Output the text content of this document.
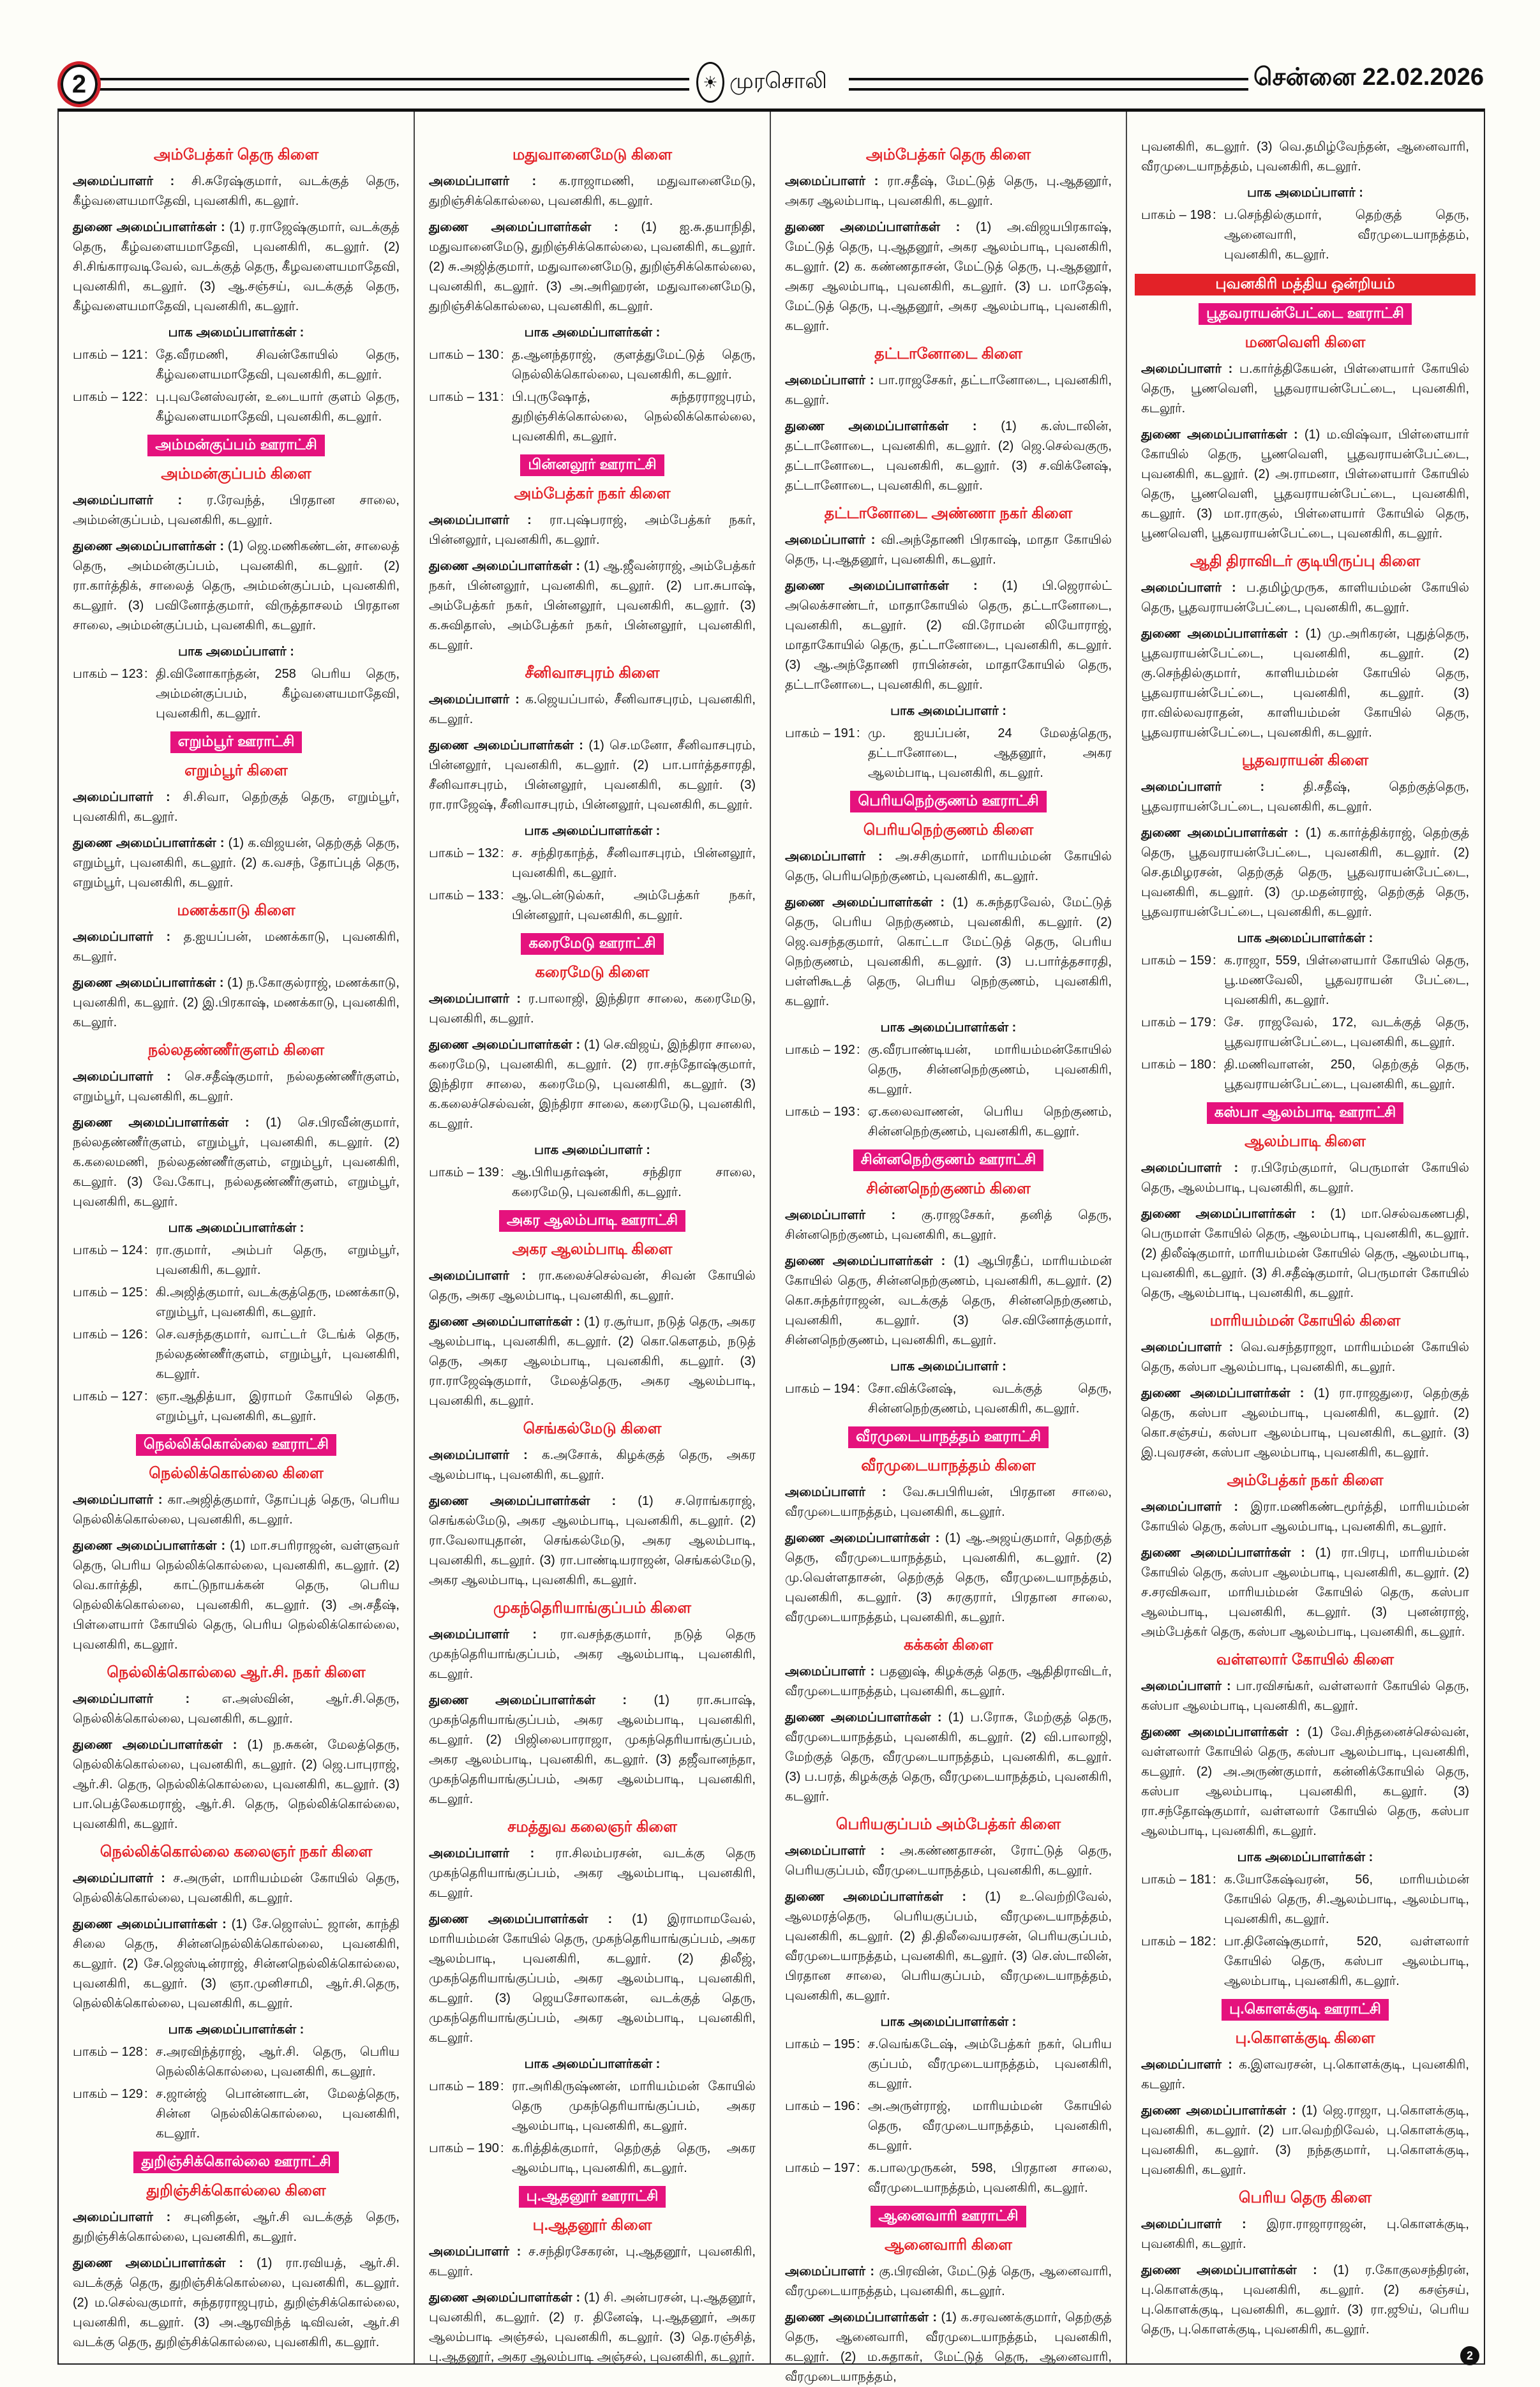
2	☀ முரசொலி	சென்னை 22.02.2026
அம்பேத்கர் தெரு கிளை
அமைப்பாளர் : சி.சுரேஷ்குமார், வடக்குத் தெரு, கீழ்வளையமாதேவி, புவனகிரி, கடலூர்.
துணை அமைப்பாளர்கள் : (1) ர.ராஜேஷ்குமார், வடக்குத் தெரு, கீழ்வளையமாதேவி, புவனகிரி, கடலூர். (2) சி.சிங்காரவடிவேல், வடக்குத் தெரு, கீழவளையமாதேவி, புவனகிரி, கடலூர். (3) ஆ.சஞ்சய், வடக்குத் தெரு, கீழ்வளையமாதேவி, புவனகிரி, கடலூர்.
பாக அமைப்பாளர்கள் :
பாகம் – 121 : தே.வீரமணி, சிவன்கோயில் தெரு, கீழ்வளையமாதேவி, புவனகிரி, கடலூர்.
பாகம் – 122 : பு.புவனேஸ்வரன், உடையார் குளம் தெரு, கீழ்வளையமாதேவி, புவனகிரி, கடலூர்.
அம்மன்குப்பம் ஊராட்சி
அம்மன்குப்பம் கிளை
அமைப்பாளர் : ர.ரேவந்த், பிரதான சாலை, அம்மன்குப்பம், புவனகிரி, கடலூர்.
துணை அமைப்பாளர்கள் : (1) ஜெ.மணிகண்டன், சாலைத் தெரு, அம்மன்குப்பம், புவனகிரி, கடலூர். (2) ரா.கார்த்திக், சாலைத் தெரு, அம்மன்குப்பம், புவனகிரி, கடலூர். (3) பவினோத்குமார், விருத்தாசலம் பிரதான சாலை, அம்மன்குப்பம், புவனகிரி, கடலூர்.
பாக அமைப்பாளர் :
பாகம் – 123 : தி.வினோகாந்தன், 258 பெரிய தெரு, அம்மன்குப்பம், கீழ்வளையமாதேவி, புவனகிரி, கடலூர்.
எறும்பூர் ஊராட்சி
எறும்பூர் கிளை
அமைப்பாளர் : சி.சிவா, தெற்குத் தெரு, எறும்பூர், புவனகிரி, கடலூர்.
துணை அமைப்பாளர்கள் : (1) க.விஜயன், தெற்குத் தெரு, எறும்பூர், புவனகிரி, கடலூர். (2) க.வசந், தோப்புத் தெரு, எறும்பூர், புவனகிரி, கடலூர்.
மணக்காடு கிளை
அமைப்பாளர் : த.ஐயப்பன், மணக்காடு, புவனகிரி, கடலூர்.
துணை அமைப்பாளர்கள் : (1) ந.கோகுல்ராஜ், மணக்காடு, புவனகிரி, கடலூர். (2) இ.பிரகாஷ், மணக்காடு, புவனகிரி, கடலூர்.
நல்லதண்ணீர்குளம் கிளை
அமைப்பாளர் : செ.சதீஷ்குமார், நல்லதண்ணீர்குளம், எறும்பூர், புவனகிரி, கடலூர்.
துணை அமைப்பாளர்கள் : (1) செ.பிரவீன்குமார், நல்லதண்ணீர்குளம், எறும்பூர், புவனகிரி, கடலூர். (2) க.கலைமணி, நல்லதண்ணீர்குளம், எறும்பூர், புவனகிரி, கடலூர். (3) வே.கோபு, நல்லதண்ணீர்குளம், எறும்பூர், புவனகிரி, கடலூர்.
பாக அமைப்பாளர்கள் :
பாகம் – 124 : ரா.குமார், அம்பர் தெரு, எறும்பூர், புவனகிரி, கடலூர்.
பாகம் – 125 : கி.அஜித்குமார், வடக்குத்தெரு, மணக்காடு, எறும்பூர், புவனகிரி, கடலூர்.
பாகம் – 126 : செ.வசந்தகுமார், வாட்டர் டேங்க் தெரு, நல்லதண்ணீர்குளம், எறும்பூர், புவனகிரி, கடலூர்.
பாகம் – 127 : ஞா.ஆதித்யா, இராமர் கோயில் தெரு, எறும்பூர், புவனகிரி, கடலூர்.
நெல்லிக்கொல்லை ஊராட்சி
நெல்லிக்கொல்லை கிளை
அமைப்பாளர் : கா.அஜித்குமார், தோப்புத் தெரு, பெரிய நெல்லிக்கொல்லை, புவனகிரி, கடலூர்.
துணை அமைப்பாளர்கள் : (1) மா.சபரிராஜன், வள்ளுவர் தெரு, பெரிய நெல்லிக்கொல்லை, புவனகிரி, கடலூர். (2) வெ.கார்த்தி, காட்டுநாயக்கன் தெரு, பெரிய நெல்லிக்கொல்லை, புவனகிரி, கடலூர். (3) அ.சதீஷ், பிள்ளையார் கோயில் தெரு, பெரிய நெல்லிக்கொல்லை, புவனகிரி, கடலூர்.
நெல்லிக்கொல்லை ஆர்.சி. நகர் கிளை
அமைப்பாளர் : எ.அஸ்வின், ஆர்.சி.தெரு, நெல்லிக்கொல்லை, புவனகிரி, கடலூர்.
துணை அமைப்பாளர்கள் : (1) ந.சுகன், மேலத்தெரு, நெல்லிக்கொல்லை, புவனகிரி, கடலூர். (2) ஜெ.பாபுராஜ், ஆர்.சி. தெரு, நெல்லிக்கொல்லை, புவனகிரி, கடலூர். (3) பா.பெத்லேகமராஜ், ஆர்.சி. தெரு, நெல்லிக்கொல்லை, புவனகிரி, கடலூர்.
நெல்லிக்கொல்லை கலைஞர் நகர் கிளை
அமைப்பாளர் : ச.அருள், மாரியம்மன் கோயில் தெரு, நெல்லிக்கொல்லை, புவனகிரி, கடலூர்.
துணை அமைப்பாளர்கள் : (1) சே.ஜொஸ்ட் ஜான், காந்தி சிலை தெரு, சின்னநெல்லிக்கொல்லை, புவனகிரி, கடலூர். (2) சே.ஜெஸ்டின்ராஜ், சின்னநெல்லிக்கொல்லை, புவனகிரி, கடலூர். (3) ஞா.முனிசாமி, ஆர்.சி.தெரு, நெல்லிக்கொல்லை, புவனகிரி, கடலூர்.
பாக அமைப்பாளர்கள் :
பாகம் – 128 : ச.அரவிந்த்ராஜ், ஆர்.சி. தெரு, பெரிய நெல்லிக்கொல்லை, புவனகிரி, கடலூர்.
பாகம் – 129 : ச.ஜான்ஜ் பொன்னாடன், மேலத்தெரு, சின்ன நெல்லிக்கொல்லை, புவனகிரி, கடலூர்.
துறிஞ்சிக்கொல்லை ஊராட்சி
துறிஞ்சிக்கொல்லை கிளை
அமைப்பாளர் : சபுனிதன், ஆர்.சி வடக்குத் தெரு, துறிஞ்சிக்கொல்லை, புவனகிரி, கடலூர்.
துணை அமைப்பாளர்கள் : (1) ரா.ரவியத், ஆர்.சி. வடக்குத் தெரு, துறிஞ்சிக்கொல்லை, புவனகிரி, கடலூர். (2) ம.செல்வகுமார், சுந்தரராஜபுரம், துறிஞ்சிக்கொல்லை, புவனகிரி, கடலூர். (3) அ.ஆரவிந்த் டிவிவன், ஆர்.சி வடக்கு தெரு, துறிஞ்சிக்கொல்லை, புவனகிரி, கடலூர்.
மதுவானைமேடு கிளை
அமைப்பாளர் : க.ராஜாமணி, மதுவானைமேடு, துறிஞ்சிக்கொல்லை, புவனகிரி, கடலூர்.
துணை அமைப்பாளர்கள் : (1) ஐ.சு.தயாநிதி, மதுவானைமேடு, துறிஞ்சிக்கொல்லை, புவனகிரி, கடலூர். (2) சு.அஜித்குமார், மதுவானைமேடு, துறிஞ்சிக்கொல்லை, புவனகிரி, கடலூர். (3) அ.அரிஹரன், மதுவானைமேடு, துறிஞ்சிக்கொல்லை, புவனகிரி, கடலூர்.
பாக அமைப்பாளர்கள் :
பாகம் – 130 : த.ஆனந்தராஜ், குளத்துமேட்டுத் தெரு, நெல்லிக்கொல்லை, புவனகிரி, கடலூர்.
பாகம் – 131 : பி.புருஷோத், சுந்தரராஜபுரம், துறிஞ்சிக்கொல்லை, நெல்லிக்கொல்லை, புவனகிரி, கடலூர்.
பின்னலூர் ஊராட்சி
அம்பேத்கர் நகர் கிளை
அமைப்பாளர் : ரா.புஷ்பராஜ், அம்பேத்கர் நகர், பின்னலூர், புவனகிரி, கடலூர்.
துணை அமைப்பாளர்கள் : (1) ஆ.ஜீவன்ராஜ், அம்பேத்கர் நகர், பின்னலூர், புவனகிரி, கடலூர். (2) பா.சுபாஷ், அம்பேத்கர் நகர், பின்னலூர், புவனகிரி, கடலூர். (3) க.சுவிதாஸ், அம்பேத்கர் நகர், பின்னலூர், புவனகிரி, கடலூர்.
சீனிவாசபுரம் கிளை
அமைப்பாளர் : க.ஜெயப்பால், சீனிவாசபுரம், புவனகிரி, கடலூர்.
துணை அமைப்பாளர்கள் : (1) செ.மனோ, சீனிவாசபுரம், பின்னலூர், புவனகிரி, கடலூர். (2) பா.பார்த்தசாரதி, சீனிவாசபுரம், பின்னலூர், புவனகிரி, கடலூர். (3) ரா.ராஜேஷ், சீனிவாசபுரம், பின்னலூர், புவனகிரி, கடலூர்.
பாக அமைப்பாளர்கள் :
பாகம் – 132 : ச. சந்திரகாந்த், சீனிவாசபுரம், பின்னலூர், புவனகிரி, கடலூர்.
பாகம் – 133 : ஆ.டென்டுல்கர், அம்பேத்கர் நகர், பின்னலூர், புவனகிரி, கடலூர்.
கரைமேடு ஊராட்சி
கரைமேடு கிளை
அமைப்பாளர் : ர.பாலாஜி, இந்திரா சாலை, கரைமேடு, புவனகிரி, கடலூர்.
துணை அமைப்பாளர்கள் : (1) செ.விஜய், இந்திரா சாலை, கரைமேடு, புவனகிரி, கடலூர். (2) ரா.சந்தோஷ்குமார், இந்திரா சாலை, கரைமேடு, புவனகிரி, கடலூர். (3) க.கலைச்செல்வன், இந்திரா சாலை, கரைமேடு, புவனகிரி, கடலூர்.
பாக அமைப்பாளர் :
பாகம் – 139 : ஆ.பிரியதர்ஷன், சந்திரா சாலை, கரைமேடு, புவனகிரி, கடலூர்.
அகர ஆலம்பாடி ஊராட்சி
அகர ஆலம்பாடி கிளை
அமைப்பாளர் : ரா.கலைச்செல்வன், சிவன் கோயில் தெரு, அகர ஆலம்பாடி, புவனகிரி, கடலூர்.
துணை அமைப்பாளர்கள் : (1) ர.சூர்யா, நடுத் தெரு, அகர ஆலம்பாடி, புவனகிரி, கடலூர். (2) கொ.கௌதம், நடுத் தெரு, அகர ஆலம்பாடி, புவனகிரி, கடலூர். (3) ரா.ராஜேஷ்குமார், மேலத்தெரு, அகர ஆலம்பாடி, புவனகிரி, கடலூர்.
செங்கல்மேடு கிளை
அமைப்பாளர் : க.அசோக், கிழக்குத் தெரு, அகர ஆலம்பாடி, புவனகிரி, கடலூர்.
துணை அமைப்பாளர்கள் : (1) ச.ரொங்கராஜ், செங்கல்மேடு, அகர ஆலம்பாடி, புவனகிரி, கடலூர். (2) ரா.வேலாயுதான், செங்கல்மேடு, அகர ஆலம்பாடி, புவனகிரி, கடலூர். (3) ரா.பாண்டியராஜன், செங்கல்மேடு, அகர ஆலம்பாடி, புவனகிரி, கடலூர்.
முகந்தெரியாங்குப்பம் கிளை
அமைப்பாளர் : ரா.வசந்தகுமார், நடுத் தெரு முகந்தெரியாங்குப்பம், அகர ஆலம்பாடி, புவனகிரி, கடலூர்.
துணை அமைப்பாளர்கள் : (1) ரா.சுபாஷ், முகந்தெரியாங்குப்பம், அகர ஆலம்பாடி, புவனகிரி, கடலூர். (2) பிஜிலைபாராஜா, முகந்தெரியாங்குப்பம், அகர ஆலம்பாடி, புவனகிரி, கடலூர். (3) தஜீவானந்தா, முகந்தெரியாங்குப்பம், அகர ஆலம்பாடி, புவனகிரி, கடலூர்.
சமத்துவ கலைஞர் கிளை
அமைப்பாளர் : ரா.சிலம்பரசன், வடக்கு தெரு முகந்தெரியாங்குப்பம், அகர ஆலம்பாடி, புவனகிரி, கடலூர்.
துணை அமைப்பாளர்கள் : (1) இராமாமவேல், மாரியம்மன் கோயில் தெரு, முகந்தெரியாங்குப்பம், அகர ஆலம்பாடி, புவனகிரி, கடலூர். (2) திலீஜ், முகந்தெரியாங்குப்பம், அகர ஆலம்பாடி, புவனகிரி, கடலூர். (3) ஜெயசோலாகன், வடக்குத் தெரு, முகந்தெரியாங்குப்பம், அகர ஆலம்பாடி, புவனகிரி, கடலூர்.
பாக அமைப்பாளர்கள் :
பாகம் – 189 : ரா.அரிகிருஷ்ணன், மாரியம்மன் கோயில் தெரு முகந்தெரியாங்குப்பம், அகர ஆலம்பாடி, புவனகிரி, கடலூர்.
பாகம் – 190 : க.ரித்திக்குமார், தெற்குத் தெரு, அகர ஆலம்பாடி, புவனகிரி, கடலூர்.
பு.ஆதனூர் ஊராட்சி
பு.ஆதனூர் கிளை
அமைப்பாளர் : ச.சந்திரசேகரன், பு.ஆதனூர், புவனகிரி, கடலூர்.
துணை அமைப்பாளர்கள் : (1) சி. அன்பரசன், பு.ஆதனூர், புவனகிரி, கடலூர். (2) ர. தினேஷ், பு.ஆதனூர், அகர ஆலம்பாடி அஞ்சல், புவனகிரி, கடலூர். (3) தெ.ரஞ்சித், பு.ஆதனூர், அகர ஆலம்பாடி அஞ்சல், புவனகிரி, கடலூர்.
அம்பேத்கர் தெரு கிளை
அமைப்பாளர் : ரா.சதீஷ், மேட்டுத் தெரு, பு.ஆதனூர், அகர ஆலம்பாடி, புவனகிரி, கடலூர்.
துணை அமைப்பாளர்கள் : (1) அ.விஜயபிரகாஷ், மேட்டுத் தெரு, பு.ஆதனூர், அகர ஆலம்பாடி, புவனகிரி, கடலூர். (2) க. கண்ணதாசன், மேட்டுத் தெரு, பு.ஆதனூர், அகர ஆலம்பாடி, புவனகிரி, கடலூர். (3) ப. மாதேஷ், மேட்டுத் தெரு, பு.ஆதனூர், அகர ஆலம்பாடி, புவனகிரி, கடலூர்.
தட்டானோடை கிளை
அமைப்பாளர் : பா.ராஜசேகர், தட்டானோடை, புவனகிரி, கடலூர்.
துணை அமைப்பாளர்கள் : (1) க.ஸ்டாலின், தட்டானோடை, புவனகிரி, கடலூர். (2) ஜெ.செல்வகுரு, தட்டானோடை, புவனகிரி, கடலூர். (3) ச.விக்னேஷ், தட்டானோடை, புவனகிரி, கடலூர்.
தட்டானோடை அண்ணா நகர் கிளை
அமைப்பாளர் : வி.அந்தோணி பிரகாஷ், மாதா கோயில் தெரு, பு.ஆதனூர், புவனகிரி, கடலூர்.
துணை அமைப்பாளர்கள் : (1) பி.ஜெரால்ட் அலெக்சாண்டர், மாதாகோயில் தெரு, தட்டானோடை, புவனகிரி, கடலூர். (2) வி.ரோமன் லியோராஜ், மாதாகோயில் தெரு, தட்டானோடை, புவனகிரி, கடலூர். (3) ஆ.அந்தோணி ராபின்சன், மாதாகோயில் தெரு, தட்டானோடை, புவனகிரி, கடலூர்.
பாக அமைப்பாளர் :
பாகம் – 191 : மு. ஐயப்பன், 24 மேலத்தெரு, தட்டானோடை, ஆதனூர், அகர ஆலம்பாடி, புவனகிரி, கடலூர்.
பெரியநெற்குணம் ஊராட்சி
பெரியநெற்குணம் கிளை
அமைப்பாளர் : அ.சசிகுமார், மாரியம்மன் கோயில் தெரு, பெரியநெற்குணம், புவனகிரி, கடலூர்.
துணை அமைப்பாளர்கள் : (1) க.சுந்தரவேல், மேட்டுத் தெரு, பெரிய நெற்குணம், புவனகிரி, கடலூர். (2) ஜெ.வசந்தகுமார், கொட்டா மேட்டுத் தெரு, பெரிய நெற்குணம், புவனகிரி, கடலூர். (3) ப.பார்த்தசாரதி, பள்ளிகூடத் தெரு, பெரிய நெற்குணம், புவனகிரி, கடலூர்.
பாக அமைப்பாளர்கள் :
பாகம் – 192 : கு.வீரபாண்டியன், மாரியம்மன்கோயில் தெரு, சின்னநெற்குணம், புவனகிரி, கடலூர்.
பாகம் – 193 : ஏ.கலைவாணன், பெரிய நெற்குணம், சின்னநெற்குணம், புவனகிரி, கடலூர்.
சின்னநெற்குணம் ஊராட்சி
சின்னநெற்குணம் கிளை
அமைப்பாளர் : கு.ராஜசேகர், தனித் தெரு, சின்னநெற்குணம், புவனகிரி, கடலூர்.
துணை அமைப்பாளர்கள் : (1) ஆபிரதீப், மாரியம்மன் கோயில் தெரு, சின்னநெற்குணம், புவனகிரி, கடலூர். (2) கொ.சுந்தர்ராஜன், வடக்குத் தெரு, சின்னநெற்குணம், புவனகிரி, கடலூர். (3) செ.வினோத்குமார், சின்னநெற்குணம், புவனகிரி, கடலூர்.
பாக அமைப்பாளர் :
பாகம் – 194 : சோ.விக்னேஷ், வடக்குத் தெரு, சின்னநெற்குணம், புவனகிரி, கடலூர்.
வீரமுடையாநத்தம் ஊராட்சி
வீரமுடையாநத்தம் கிளை
அமைப்பாளர் : வே.சுபபிரியன், பிரதான சாலை, வீரமுடையாநத்தம், புவனகிரி, கடலூர்.
துணை அமைப்பாளர்கள் : (1) ஆ.அஜய்குமார், தெற்குத் தெரு, வீரமுடையாநத்தம், புவனகிரி, கடலூர். (2) மு.வெள்ளதாசன், தெற்குத் தெரு, வீரமுடையாநத்தம், புவனகிரி, கடலூர். (3) சுரகுரார், பிரதான சாலை, வீரமுடையாநத்தம், புவனகிரி, கடலூர்.
கக்கன் கிளை
அமைப்பாளர் : பதனுஷ், கிழக்குத் தெரு, ஆதிதிராவிடர், வீரமுடையாநத்தம், புவனகிரி, கடலூர்.
துணை அமைப்பாளர்கள் : (1) ப.ரோசு, மேற்குத் தெரு, வீரமுடையாநத்தம், புவனகிரி, கடலூர். (2) வி.பாலாஜி, மேற்குத் தெரு, வீரமுடையாநத்தம், புவனகிரி, கடலூர். (3) ப.பரத், கிழக்குத் தெரு, வீரமுடையாநத்தம், புவனகிரி, கடலூர்.
பெரியகுப்பம் அம்பேத்கர் கிளை
அமைப்பாளர் : அ.கண்ணதாசன், ரோட்டுத் தெரு, பெரியகுப்பம், வீரமுடையாநத்தம், புவனகிரி, கடலூர்.
துணை அமைப்பாளர்கள் : (1) உ.வெற்றிவேல், ஆலமரத்தெரு, பெரியகுப்பம், வீரமுடையாநத்தம், புவனகிரி, கடலூர். (2) தி.திலீவையரசன், பெரியகுப்பம், வீரமுடையாநத்தம், புவனகிரி, கடலூர். (3) செ.ஸ்டாலின், பிரதான சாலை, பெரியகுப்பம், வீரமுடையாநத்தம், புவனகிரி, கடலூர்.
பாக அமைப்பாளர்கள் :
பாகம் – 195 : ச.வெங்கடேஷ், அம்பேத்கர் நகர், பெரிய குப்பம், வீரமுடையாநத்தம், புவனகிரி, கடலூர்.
பாகம் – 196 : அ.அருள்ராஜ், மாரியம்மன் கோயில் தெரு, வீரமுடையாநத்தம், புவனகிரி, கடலூர்.
பாகம் – 197 : க.பாலமுருகன், 598, பிரதான சாலை, வீரமுடையாநத்தம், புவனகிரி, கடலூர்.
ஆனைவாரி ஊராட்சி
ஆனைவாரி கிளை
அமைப்பாளர் : கு.பிரவின், மேட்டுத் தெரு, ஆனைவாரி, வீரமுடையாநத்தம், புவனகிரி, கடலூர்.
துணை அமைப்பாளர்கள் : (1) க.சரவணக்குமார், தெற்குத் தெரு, ஆனைவாரி, வீரமுடையாநத்தம், புவனகிரி, கடலூர். (2) ம.சுதாகர், மேட்டுத் தெரு, ஆனைவாரி, வீரமுடையாநத்தம்,
புவனகிரி, கடலூர். (3) வெ.தமிழ்வேந்தன், ஆனைவாரி, வீரமுடையாநத்தம், புவனகிரி, கடலூர்.
பாக அமைப்பாளர் :
பாகம் – 198 : ப.செந்தில்குமார், தெற்குத் தெரு, ஆனைவாரி, வீரமுடையாநத்தம், புவனகிரி, கடலூர்.
புவனகிரி மத்திய ஒன்றியம்
பூதவராயன்பேட்டை ஊராட்சி
மணவெளி கிளை
அமைப்பாளர் : ப.கார்த்திகேயன், பிள்ளையார் கோயில் தெரு, பூணவெளி, பூதவராயன்பேட்டை, புவனகிரி, கடலூர்.
துணை அமைப்பாளர்கள் : (1) ம.விஷ்வா, பிள்ளையார் கோயில் தெரு, பூணவெளி, பூதவராயன்பேட்டை, புவனகிரி, கடலூர். (2) அ.ராமனா, பிள்ளையார் கோயில் தெரு, பூணவெளி, பூதவராயன்பேட்டை, புவனகிரி, கடலூர். (3) மா.ராகுல், பிள்ளையார் கோயில் தெரு, பூணவெளி, பூதவராயன்பேட்டை, புவனகிரி, கடலூர்.
ஆதி திராவிடர் குடியிருப்பு கிளை
அமைப்பாளர் : ப.தமிழ்முருக, காளியம்மன் கோயில் தெரு, பூதவராயன்பேட்டை, புவனகிரி, கடலூர்.
துணை அமைப்பாளர்கள் : (1) மு.அரிகரன், புதுத்தெரு, பூதவராயன்பேட்டை, புவனகிரி, கடலூர். (2) கு.செந்தில்குமார், காளியம்மன் கோயில் தெரு, பூதவராயன்பேட்டை, புவனகிரி, கடலூர். (3) ரா.வில்லவராதன், காளியம்மன் கோயில் தெரு, பூதவராயன்பேட்டை, புவனகிரி, கடலூர்.
பூதவராயன் கிளை
அமைப்பாளர் : தி.சதீஷ், தெற்குத்தெரு, பூதவராயன்பேட்டை, புவனகிரி, கடலூர்.
துணை அமைப்பாளர்கள் : (1) க.கார்த்திக்ராஜ், தெற்குத் தெரு, பூதவராயன்பேட்டை, புவனகிரி, கடலூர். (2) செ.தமிழரசன், தெற்குத் தெரு, பூதவராயன்பேட்டை, புவனகிரி, கடலூர். (3) மு.மதன்ராஜ், தெற்குத் தெரு, பூதவராயன்பேட்டை, புவனகிரி, கடலூர்.
பாக அமைப்பாளர்கள் :
பாகம் – 159 : க.ராஜா, 559, பிள்ளையார் கோயில் தெரு, பூ.மணவேலி, பூதவராயன் பேட்டை, புவனகிரி, கடலூர்.
பாகம் – 179 : சே. ராஜவேல், 172, வடக்குத் தெரு, பூதவராயன்பேட்டை, புவனகிரி, கடலூர்.
பாகம் – 180 : தி.மணிவாளன், 250, தெற்குத் தெரு, பூதவராயன்பேட்டை, புவனகிரி, கடலூர்.
கஸ்பா ஆலம்பாடி ஊராட்சி
ஆலம்பாடி கிளை
அமைப்பாளர் : ர.பிரேம்குமார், பெருமாள் கோயில் தெரு, ஆலம்பாடி, புவனகிரி, கடலூர்.
துணை அமைப்பாளர்கள் : (1) மா.செல்வகணபதி, பெருமாள் கோயில் தெரு, ஆலம்பாடி, புவனகிரி, கடலூர். (2) திலீஷ்குமார், மாரியம்மன் கோயில் தெரு, ஆலம்பாடி, புவனகிரி, கடலூர். (3) சி.சதீஷ்குமார், பெருமாள் கோயில் தெரு, ஆலம்பாடி, புவனகிரி, கடலூர்.
மாரியம்மன் கோயில் கிளை
அமைப்பாளர் : வெ.வசந்தராஜா, மாரியம்மன் கோயில் தெரு, கஸ்பா ஆலம்பாடி, புவனகிரி, கடலூர்.
துணை அமைப்பாளர்கள் : (1) ரா.ராஜதுரை, தெற்குத் தெரு, கஸ்பா ஆலம்பாடி, புவனகிரி, கடலூர். (2) கொ.சஞ்சய், கஸ்பா ஆலம்பாடி, புவனகிரி, கடலூர். (3) இ.புவரசன், கஸ்பா ஆலம்பாடி, புவனகிரி, கடலூர்.
அம்பேத்கர் நகர் கிளை
அமைப்பாளர் : இரா.மணிகண்டமூர்த்தி, மாரியம்மன் கோயில் தெரு, கஸ்பா ஆலம்பாடி, புவனகிரி, கடலூர்.
துணை அமைப்பாளர்கள் : (1) ரா.பிரபு, மாரியம்மன் கோயில் தெரு, கஸ்பா ஆலம்பாடி, புவனகிரி, கடலூர். (2) ச.சரவிசுவா, மாரியம்மன் கோயில் தெரு, கஸ்பா ஆலம்பாடி, புவனகிரி, கடலூர். (3) புனன்ராஜ், அம்பேத்கர் தெரு, கஸ்பா ஆலம்பாடி, புவனகிரி, கடலூர்.
வள்ளலார் கோயில் கிளை
அமைப்பாளர் : பா.ரவிசங்கர், வள்ளலார் கோயில் தெரு, கஸ்பா ஆலம்பாடி, புவனகிரி, கடலூர்.
துணை அமைப்பாளர்கள் : (1) வே.சிந்தனைச்செல்வன், வள்ளலார் கோயில் தெரு, கஸ்பா ஆலம்பாடி, புவனகிரி, கடலூர். (2) அ.அருண்குமார், கன்னிக்கோயில் தெரு, கஸ்பா ஆலம்பாடி, புவனகிரி, கடலூர். (3) ரா.சந்தோஷ்குமார், வள்ளலார் கோயில் தெரு, கஸ்பா ஆலம்பாடி, புவனகிரி, கடலூர்.
பாக அமைப்பாளர்கள் :
பாகம் – 181 : க.யோகேஷ்வரன், 56, மாரியம்மன் கோயில் தெரு, சி.ஆலம்பாடி, ஆலம்பாடி, புவனகிரி, கடலூர்.
பாகம் – 182 : பா.தினேஷ்குமார், 520, வள்ளலார் கோயில் தெரு, கஸ்பா ஆலம்பாடி, ஆலம்பாடி, புவனகிரி, கடலூர்.
பு.கொளக்குடி ஊராட்சி
பு.கொளக்குடி கிளை
அமைப்பாளர் : க.இளவரசன், பு.கொளக்குடி, புவனகிரி, கடலூர்.
துணை அமைப்பாளர்கள் : (1) ஜெ.ராஜா, பு.கொளக்குடி, புவனகிரி, கடலூர். (2) பா.வெற்றிவேல், பு.கொளக்குடி, புவனகிரி, கடலூர். (3) நந்தகுமார், பு.கொளக்குடி, புவனகிரி, கடலூர்.
பெரிய தெரு கிளை
அமைப்பாளர் : இரா.ராஜாராஜன், பு.கொளக்குடி, புவனகிரி, கடலூர்.
துணை அமைப்பாளர்கள் : (1) ர.கோகுலசந்திரன், பு.கொளக்குடி, புவனகிரி, கடலூர். (2) கசஞ்சய், பு.கொளக்குடி, புவனகிரி, கடலூர். (3) ரா.ஜூய், பெரிய தெரு, பு.கொளக்குடி, புவனகிரி, கடலூர்.
2
